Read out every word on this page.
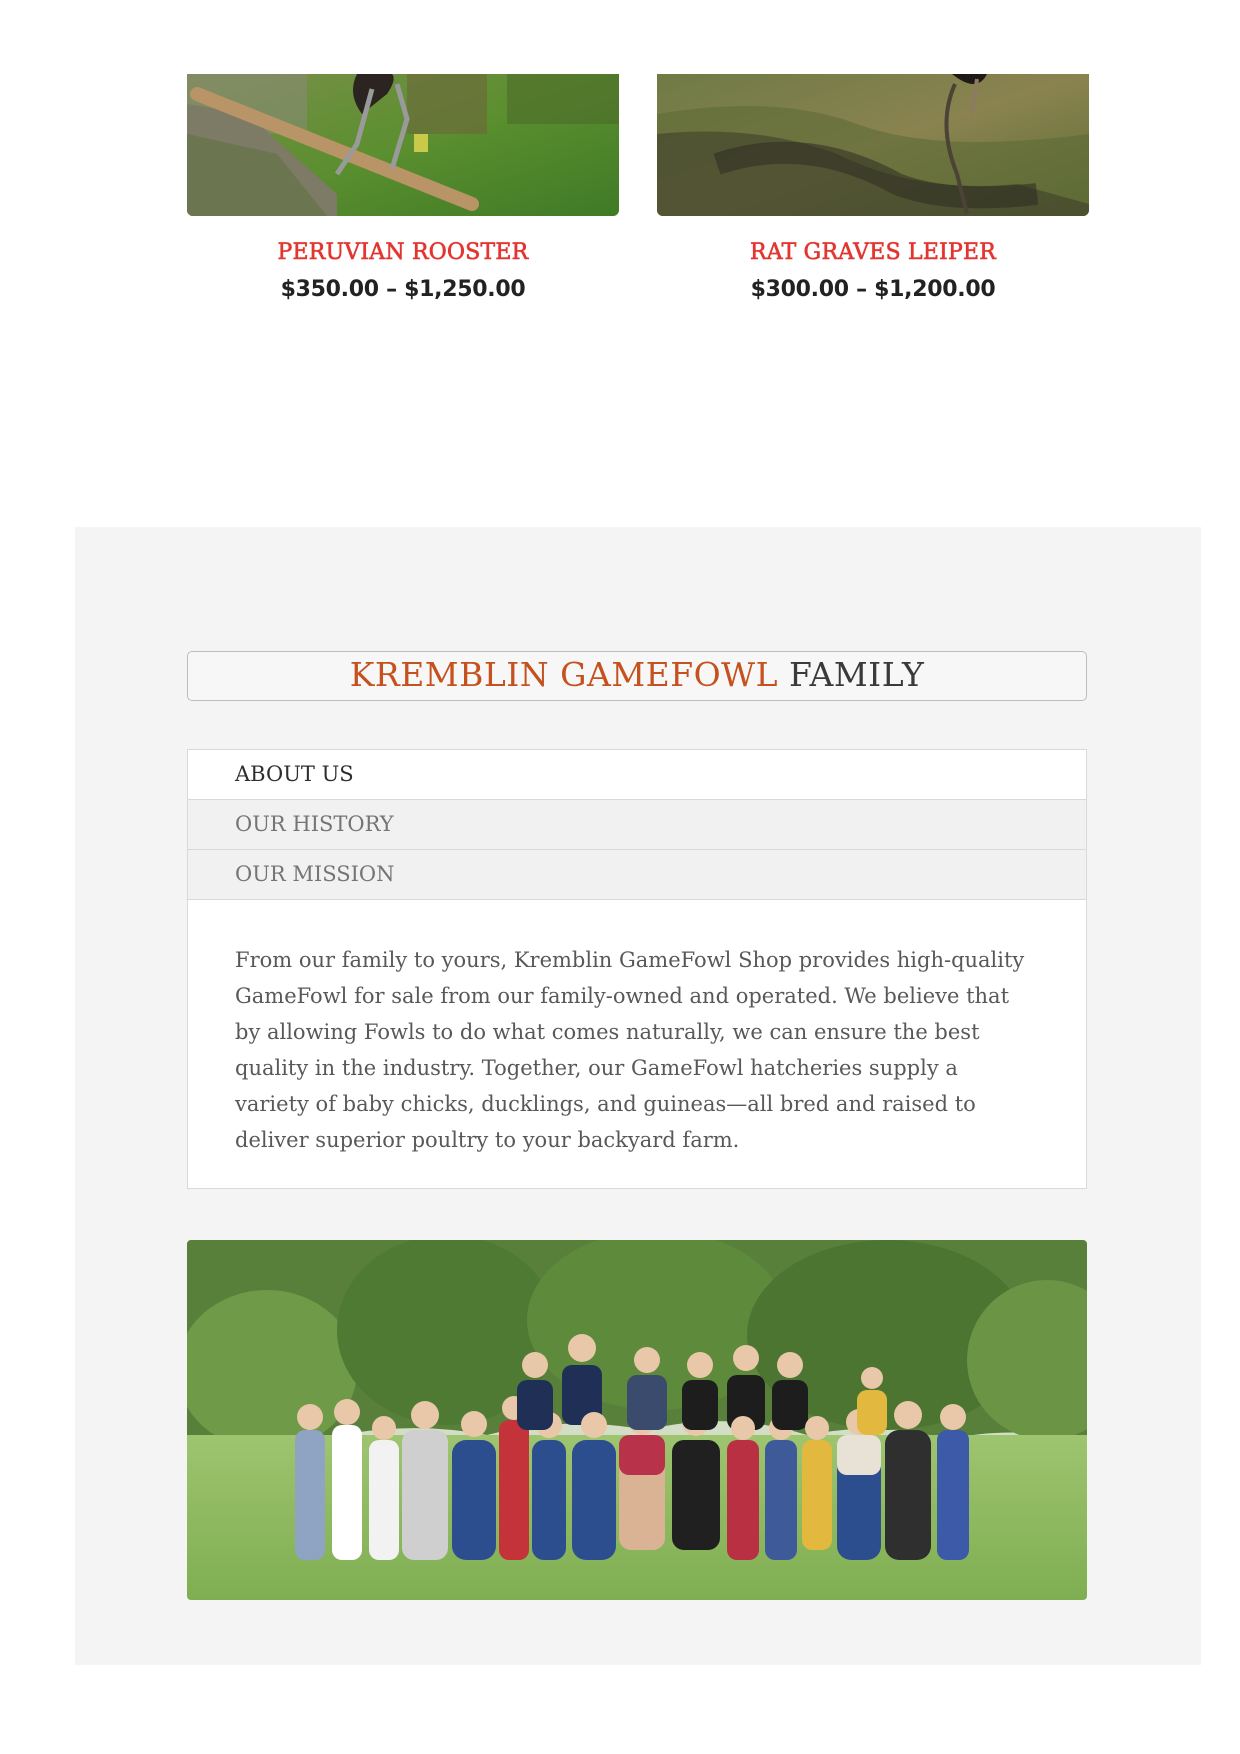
PERUVIAN ROOSTER
$350.00 – $1,250.00
RAT GRAVES LEIPER
$300.00 – $1,200.00
KREMBLIN GAMEFOWL FAMILY
ABOUT US
OUR HISTORY
OUR MISSION
From our family to yours, Kremblin GameFowl Shop provides high-quality GameFowl for sale from our family-owned and operated. We believe that by allowing Fowls to do what comes naturally, we can ensure the best quality in the industry. Together, our GameFowl hatcheries supply a variety of baby chicks, ducklings, and guineas—all bred and raised to deliver superior poultry to your backyard farm.
